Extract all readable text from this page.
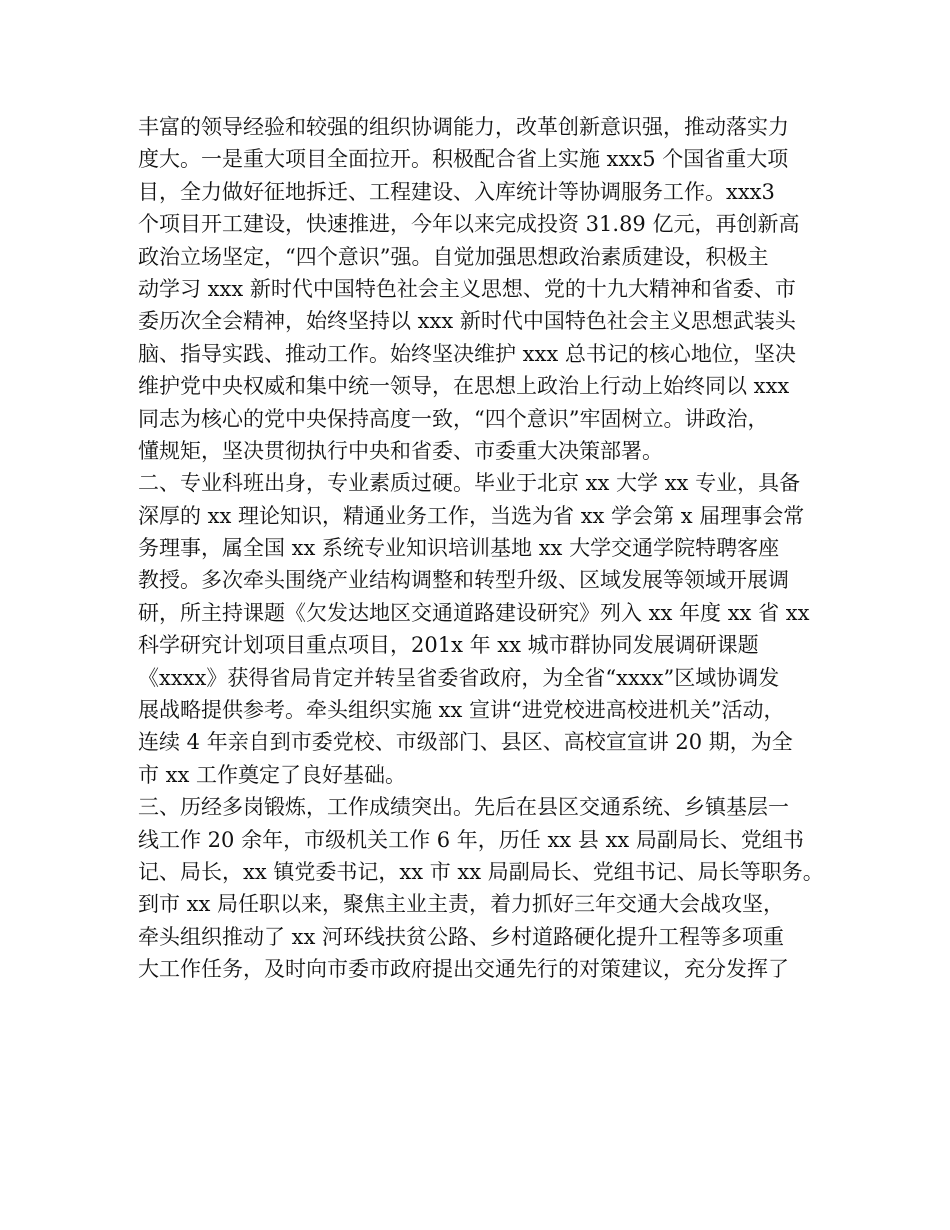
丰富的领导经验和较强的组织协调能力，改革创新意识强，推动落实力
度大。一是重大项目全面拉开。积极配合省上实施 xxx5 个国省重大项
目，全力做好征地拆迁、工程建设、入库统计等协调服务工作。xxx3
个项目开工建设，快速推进，今年以来完成投资 31.89 亿元，再创新高
政治立场坚定，“四个意识”强。自觉加强思想政治素质建设，积极主
动学习 xxx 新时代中国特色社会主义思想、党的十九大精神和省委、市
委历次全会精神，始终坚持以 xxx 新时代中国特色社会主义思想武装头
脑、指导实践、推动工作。始终坚决维护 xxx 总书记的核心地位，坚决
维护党中央权威和集中统一领导，在思想上政治上行动上始终同以 xxx
同志为核心的党中央保持高度一致，“四个意识”牢固树立。讲政治，
懂规矩，坚决贯彻执行中央和省委、市委重大决策部署。
二、专业科班出身，专业素质过硬。毕业于北京 xx 大学 xx 专业，具备
深厚的 xx 理论知识，精通业务工作，当选为省 xx 学会第 x 届理事会常
务理事，属全国 xx 系统专业知识培训基地 xx 大学交通学院特聘客座
教授。多次牵头围绕产业结构调整和转型升级、区域发展等领域开展调
研，所主持课题《欠发达地区交通道路建设研究》列入 xx 年度 xx 省 xx
科学研究计划项目重点项目，201x 年 xx 城市群协同发展调研课题
《xxxx》获得省局肯定并转呈省委省政府，为全省“xxxx”区域协调发
展战略提供参考。牵头组织实施 xx 宣讲“进党校进高校进机关”活动，
连续 4 年亲自到市委党校、市级部门、县区、高校宣宣讲 20 期，为全
市 xx 工作奠定了良好基础。
三、历经多岗锻炼，工作成绩突出。先后在县区交通系统、乡镇基层一
线工作 20 余年，市级机关工作 6 年，历任 xx 县 xx 局副局长、党组书
记、局长，xx 镇党委书记，xx 市 xx 局副局长、党组书记、局长等职务。
到市 xx 局任职以来，聚焦主业主责，着力抓好三年交通大会战攻坚，
牵头组织推动了 xx 河环线扶贫公路、乡村道路硬化提升工程等多项重
大工作任务，及时向市委市政府提出交通先行的对策建议，充分发挥了
